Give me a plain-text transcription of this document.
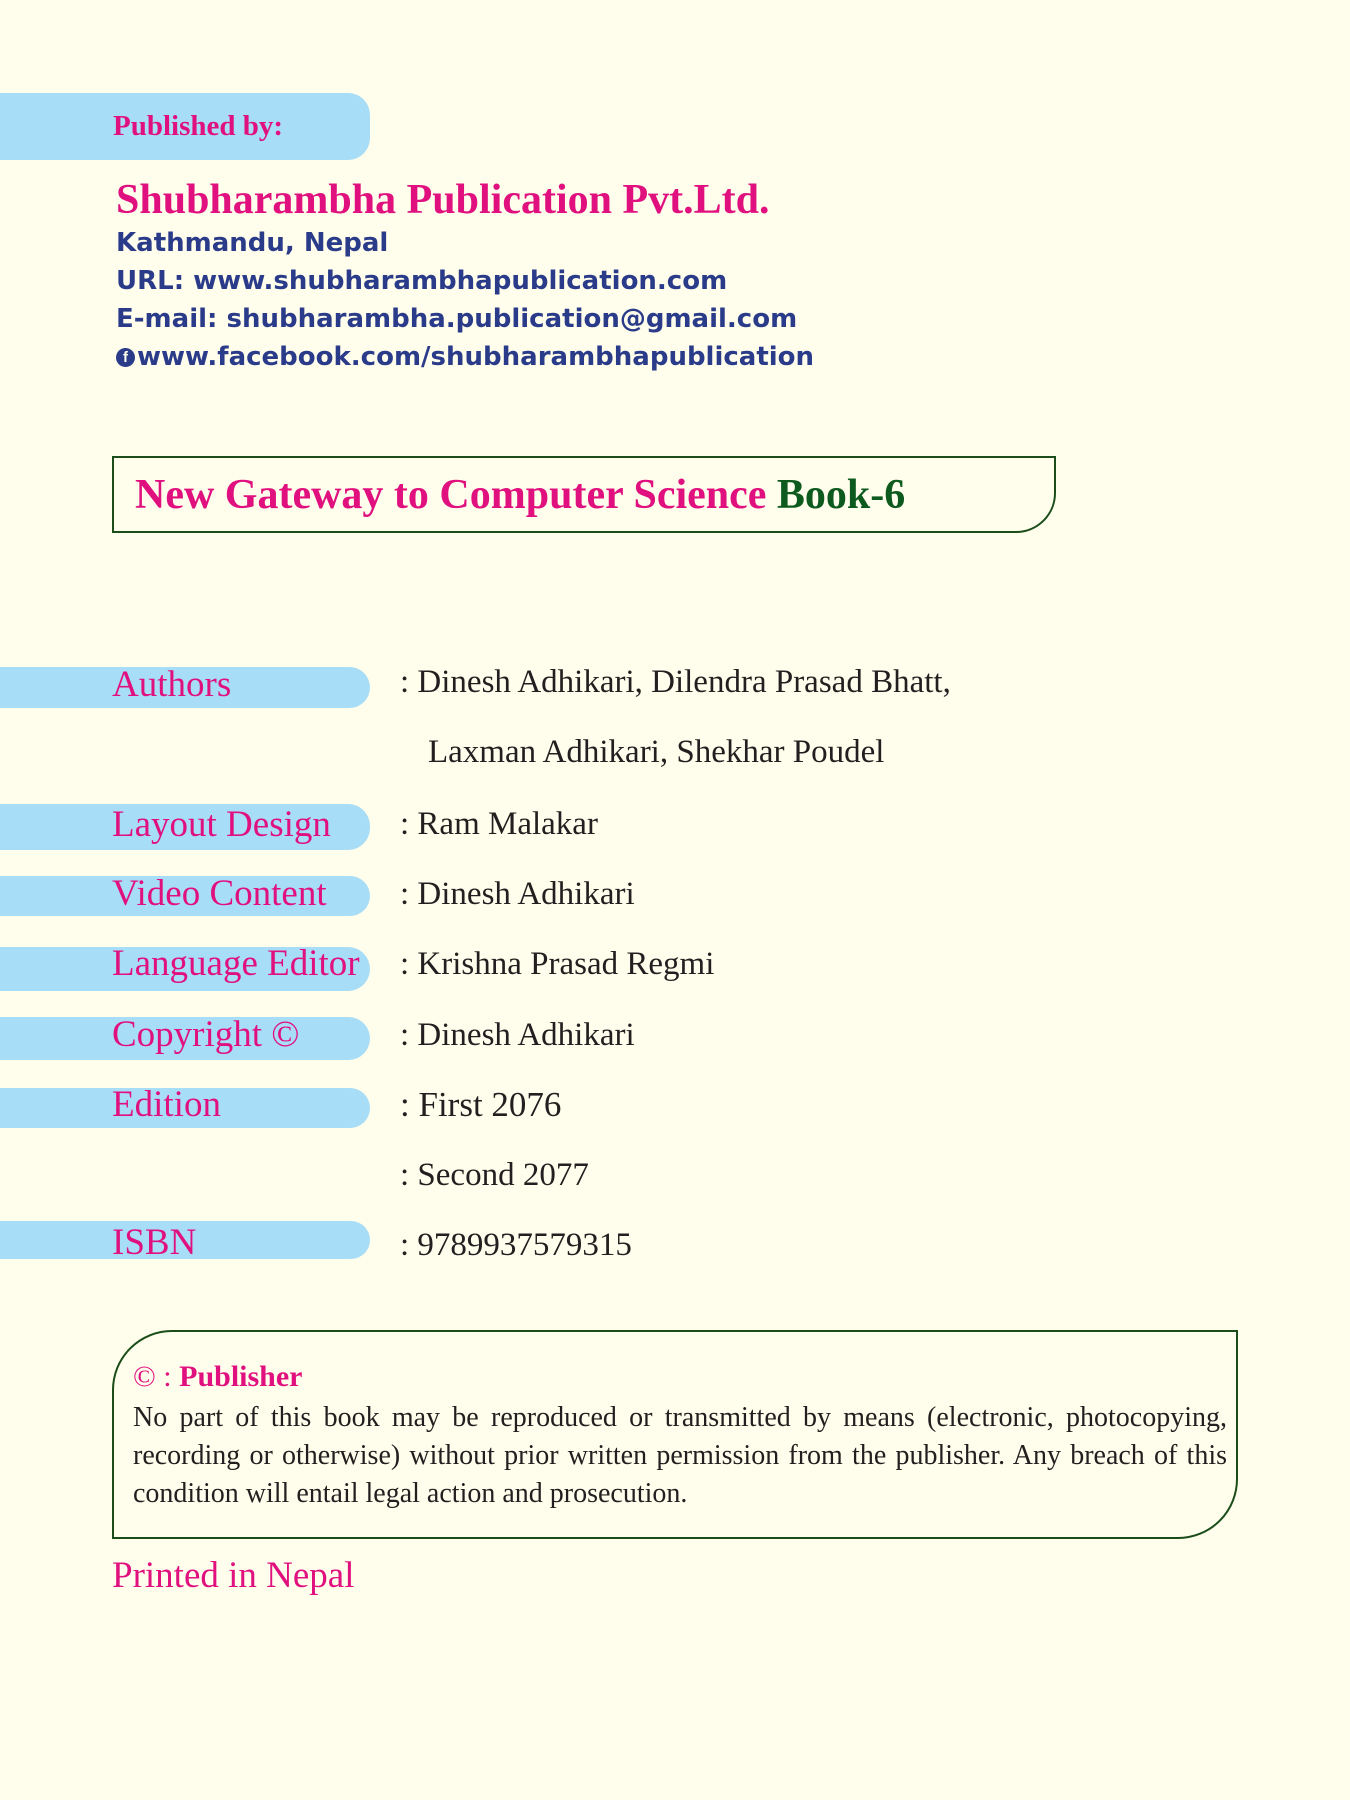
Published by:
Shubharambha Publication Pvt.Ltd.
Kathmandu, Nepal
URL: www.shubharambhapublication.com
E-mail: shubharambha.publication@gmail.com
f www.facebook.com/shubharambhapublication
New Gateway to Computer Science Book-6
Authors	: Dinesh Adhikari, Dilendra Prasad Bhatt,
Laxman Adhikari, Shekhar Poudel
Layout Design : Ram Malakar
Video Content : Dinesh Adhikari
Language Editor : Krishna Prasad Regmi
Copyright ©	: Dinesh Adhikari
Edition	: First 2076
: Second 2077
ISBN	: 9789937579315
© : Publisher
No part of this book may be reproduced or transmitted by means (electronic, photocopying, recording or otherwise) without prior written permission from the publisher. Any breach of this condition will entail legal action and prosecution.
Printed in Nepal
